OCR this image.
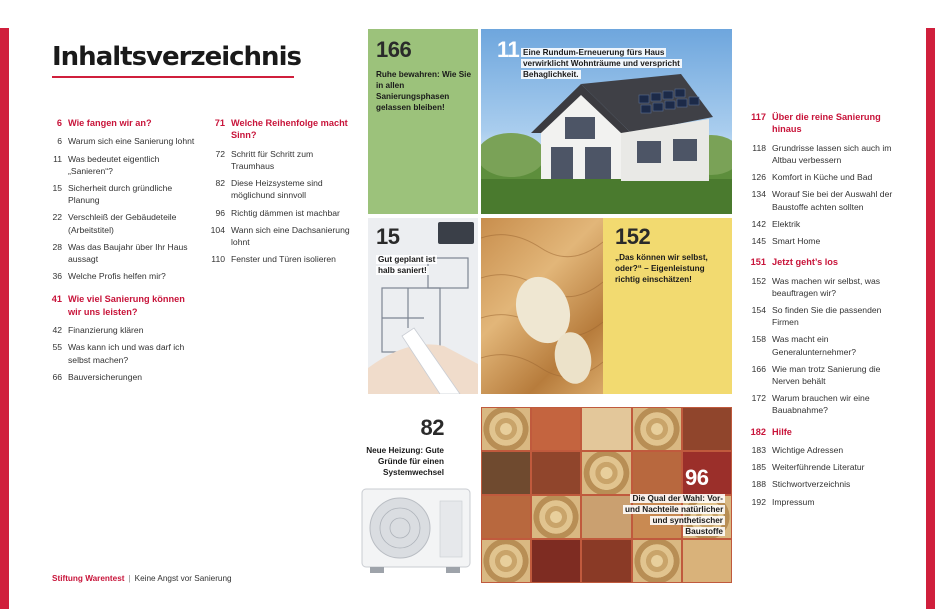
Inhaltsverzeichnis
6 Wie fangen wir an?
6 Warum sich eine Sanierung lohnt
11 Was bedeutet eigentlich „Sanieren“?
15 Sicherheit durch gründliche Planung
22 Verschleiß der Gebäudeteile (Arbeitstitel)
28 Was das Baujahr über Ihr Haus aussagt
36 Welche Profis helfen mir?
41 Wie viel Sanierung können wir uns leisten?
42 Finanzierung klären
55 Was kann ich und was darf ich selbst machen?
66 Bauversicherungen
71 Welche Reihenfolge macht Sinn?
72 Schritt für Schritt zum Traumhaus
82 Diese Heizsysteme sind möglichund sinnvoll
96 Richtig dämmen ist machbar
104 Wann sich eine Dachsanierung lohnt
110 Fenster und Türen isolieren
117 Über die reine Sanierung hinaus
118 Grundrisse lassen sich auch im Altbau verbessern
126 Komfort in Küche und Bad
134 Worauf Sie bei der Auswahl der Baustoffe achten sollten
142 Elektrik
145 Smart Home
151 Jetzt geht’s los
152 Was machen wir selbst, was beauftragen wir?
154 So finden Sie die passenden Firmen
158 Was macht ein Generalunternehmer?
166 Wie man trotz Sanierung die Nerven behält
172 Warum brauchen wir eine Bauabnahme?
182 Hilfe
183 Wichtige Adressen
185 Weiterführende Literatur
188 Stichwortverzeichnis
192 Impressum
166
Ruhe bewahren: Wie Sie in allen Sanierungsphasen gelassen bleiben!
11 Eine Rundum-Erneuerung fürs Haus verwirklicht Wohnträume und verspricht Behaglichkeit.
15
Gut geplant ist halb saniert!
152
„Das können wir selbst, oder?“ – Eigenleistung richtig einschätzen!
82
Neue Heizung: Gute Gründe für einen Systemwechsel	96
Die Qual der Wahl: Vor- und Nachteile natürlicher und synthetischer Baustoffe
Stiftung Warentest | Keine Angst vor Sanierung
